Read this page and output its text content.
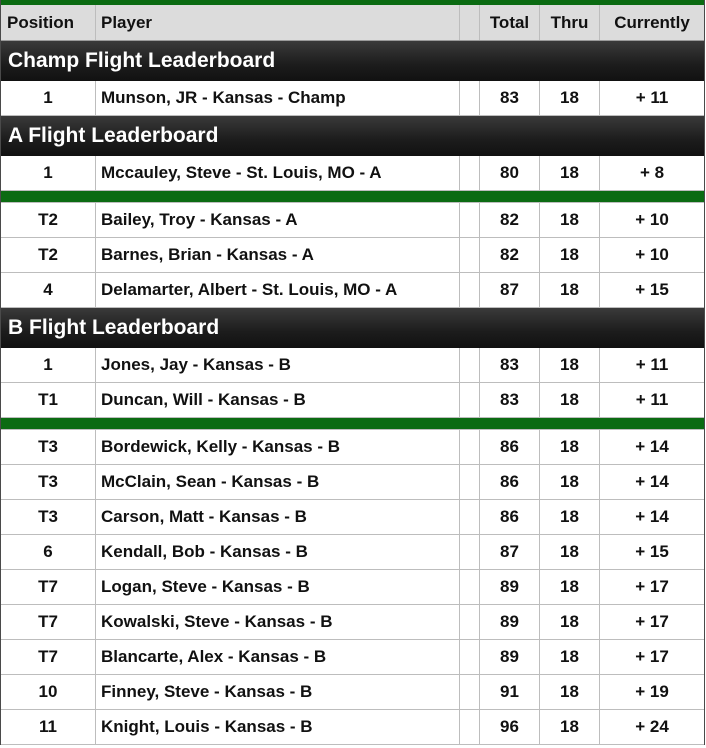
Position	Player	Total	Thru	Currently
Champ Flight Leaderboard
1	Munson, JR - Kansas - Champ	83	18	+ 11
A Flight Leaderboard
1	Mccauley, Steve - St. Louis, MO - A	80	18	+ 8
T2	Bailey, Troy - Kansas - A	82	18	+ 10
T2	Barnes, Brian - Kansas - A	82	18	+ 10
4	Delamarter, Albert - St. Louis, MO - A	87	18	+ 15
B Flight Leaderboard
1	Jones, Jay - Kansas - B	83	18	+ 11
T1	Duncan, Will - Kansas - B	83	18	+ 11
T3	Bordewick, Kelly - Kansas - B	86	18	+ 14
T3	McClain, Sean - Kansas - B	86	18	+ 14
T3	Carson, Matt - Kansas - B	86	18	+ 14
6	Kendall, Bob - Kansas - B	87	18	+ 15
T7	Logan, Steve - Kansas - B	89	18	+ 17
T7	Kowalski, Steve - Kansas - B	89	18	+ 17
T7	Blancarte, Alex - Kansas - B	89	18	+ 17
10	Finney, Steve - Kansas - B	91	18	+ 19
11	Knight, Louis - Kansas - B	96	18	+ 24
